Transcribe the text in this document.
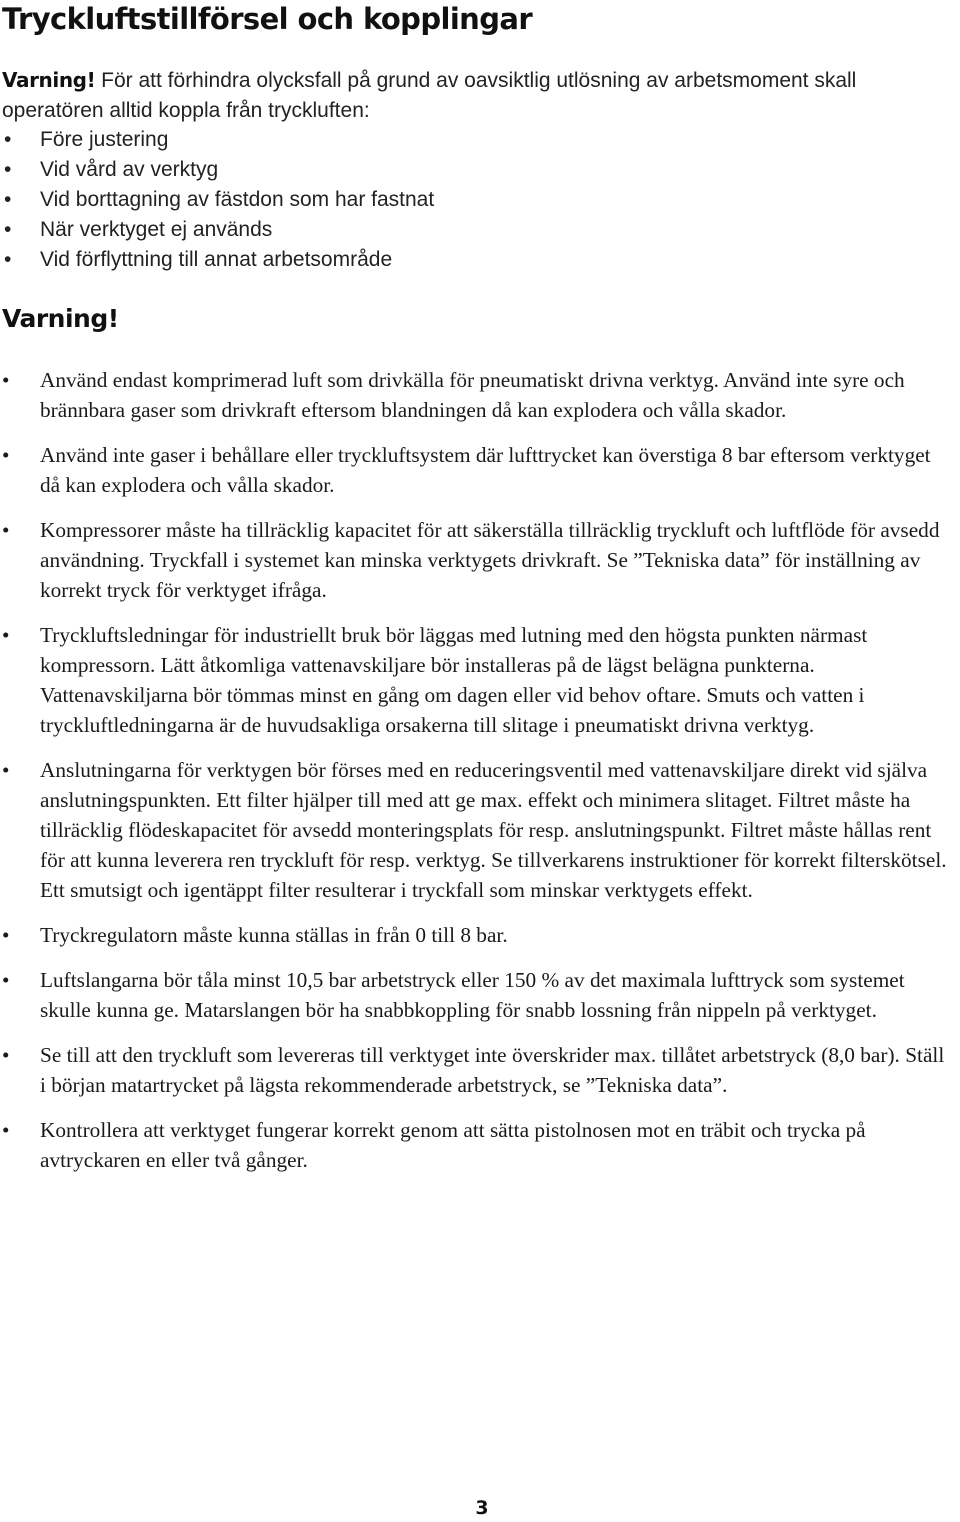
Tryckluftstillförsel och kopplingar

Varning! För att förhindra olycksfall på grund av oavsiktlig utlösning av arbetsmoment skall operatören alltid koppla från tryckluften:

• Före justering
• Vid vård av verktyg
• Vid borttagning av fästdon som har fastnat
• När verktyget ej används
• Vid förflyttning till annat arbetsområde
Varning!
• Använd endast komprimerad luft som drivkälla för pneumatiskt drivna verktyg. Använd inte syre och brännbara gaser som drivkraft eftersom blandningen då kan explodera och vålla skador.
• Använd inte gaser i behållare eller tryckluftsystem där lufttrycket kan överstiga 8 bar eftersom verktyget då kan explodera och vålla skador.
• Kompressorer måste ha tillräcklig kapacitet för att säkerställa tillräcklig tryckluft och luftflöde för avsedd användning. Tryckfall i systemet kan minska verktygets drivkraft. Se ”Tekniska data” för inställning av korrekt tryck för verktyget ifråga.
• Tryckluftsledningar för industriellt bruk bör läggas med lutning med den högsta punkten närmast kompressorn. Lätt åtkomliga vattenavskiljare bör installeras på de lägst belägna punkterna. Vattenavskiljarna bör tömmas minst en gång om dagen eller vid behov oftare. Smuts och vatten i tryckluftledningarna är de huvudsakliga orsakerna till slitage i pneumatiskt drivna verktyg.
• Anslutningarna för verktygen bör förses med en reduceringsventil med vattenavskiljare direkt vid själva anslutningspunkten. Ett filter hjälper till med att ge max. effekt och minimera slitaget. Filtret måste ha tillräcklig flödeskapacitet för avsedd monteringsplats för resp. anslutningspunkt. Filtret måste hållas rent för att kunna leverera ren tryckluft för resp. verktyg. Se tillverkarens instruktioner för korrekt filterskötsel. Ett smutsigt och igentäppt filter resulterar i tryckfall som minskar verktygets effekt.
• Tryckregulatorn måste kunna ställas in från 0 till 8 bar.
• Luftslangarna bör tåla minst 10,5 bar arbetstryck eller 150 % av det maximala lufttryck som systemet skulle kunna ge. Matarslangen bör ha snabbkoppling för snabb lossning från nippeln på verktyget.
• Se till att den tryckluft som levereras till verktyget inte överskrider max. tillåtet arbetstryck (8,0 bar). Ställ i början matartrycket på lägsta rekommenderade arbetstryck, se ”Tekniska data”.
• Kontrollera att verktyget fungerar korrekt genom att sätta pistolnosen mot en träbit och trycka på avtryckaren en eller två gånger.
3
